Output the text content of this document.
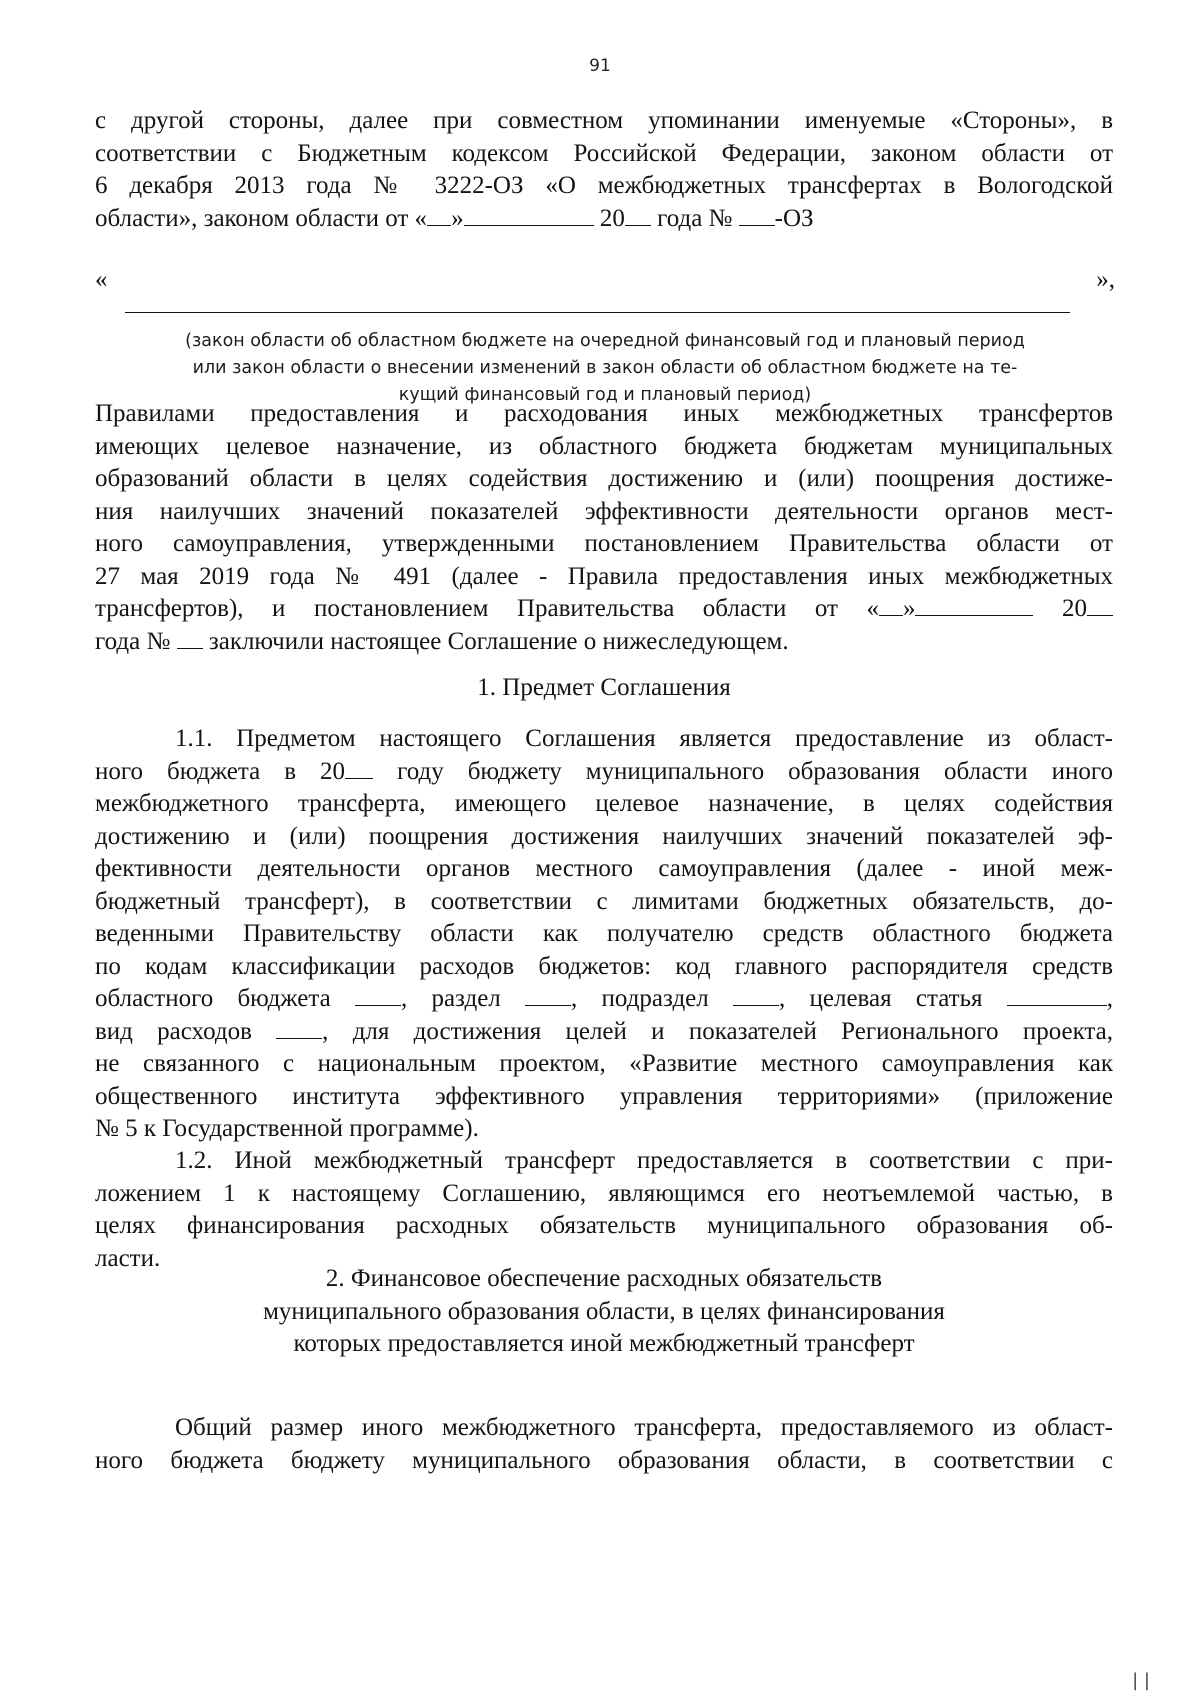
91

с другой стороны, далее при совместном упоминании именуемые «Стороны», в
соответствии с Бюджетным кодексом Российской Федерации, законом области от
6 декабря 2013 года № 3222-ОЗ «О межбюджетных трансфертах в Вологодской
области», законом области от « »	20 года № -ОЗ

«	»,
(закон области об областном бюджете на очередной финансовый год и плановый период
или закон области о внесении изменений в закон области об областном бюджете на те-
кущий финансовый год и плановый период)

Правилами предоставления и расходования иных межбюджетных трансфертов
имеющих целевое назначение, из областного бюджета бюджетам муниципальных
образований области в целях содействия достижению и (или) поощрения достиже-
ния наилучших значений показателей эффективности деятельности органов мест-
ного самоуправления, утвержденными постановлением Правительства области от
27 мая 2019 года № 491 (далее - Правила предоставления иных межбюджетных
трансфертов), и постановлением Правительства области от « »	20
года №  заключили настоящее Соглашение о нижеследующем.

1. Предмет Соглашения

1.1. Предметом настоящего Соглашения является предоставление из област-
ного бюджета в 20 году бюджету муниципального образования области иного
межбюджетного трансферта, имеющего целевое назначение, в целях содействия
достижению и (или) поощрения достижения наилучших значений показателей эф-
фективности деятельности органов местного самоуправления (далее - иной меж-
бюджетный трансферт), в соответствии с лимитами бюджетных обязательств, до-
веденными Правительству области как получателю средств областного бюджета
по кодам классификации расходов бюджетов: код главного распорядителя средств
областного бюджета , раздел , подраздел , целевая статья	,
вид расходов , для достижения целей и показателей Регионального проекта,
не связанного с национальным проектом, «Развитие местного самоуправления как
общественного института эффективного управления территориями» (приложение
№ 5 к Государственной программе).

1.2. Иной межбюджетный трансферт предоставляется в соответствии с при-
ложением 1 к настоящему Соглашению, являющимся его неотъемлемой частью, в
целях финансирования расходных обязательств муниципального образования об-
ласти.

2. Финансовое обеспечение расходных обязательств
муниципального образования области, в целях финансирования
которых предоставляется иной межбюджетный трансферт

Общий размер иного межбюджетного трансферта, предоставляемого из област-
ного бюджета бюджету муниципального образования области, в соответствии с

| |
